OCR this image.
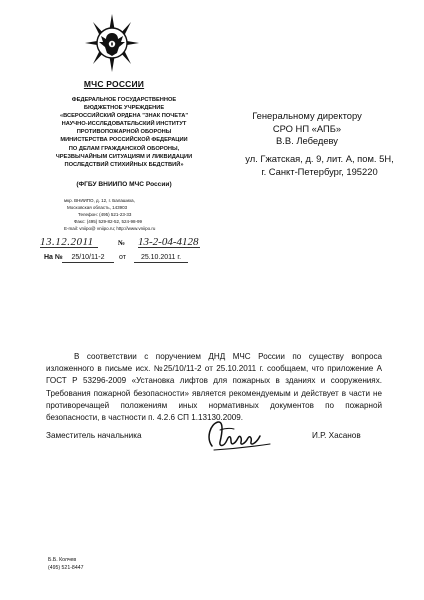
МЧС РОССИИ
ФЕДЕРАЛЬНОЕ ГОСУДАРСТВЕННОЕ
БЮДЖЕТНОЕ УЧРЕЖДЕНИЕ
«ВСЕРОССИЙСКИЙ ОРДЕНА "ЗНАК ПОЧЕТА"
НАУЧНО-ИССЛЕДОВАТЕЛЬСКИЙ ИНСТИТУТ
ПРОТИВОПОЖАРНОЙ ОБОРОНЫ
МИНИСТЕРСТВА РОССИЙСКОЙ ФЕДЕРАЦИИ
ПО ДЕЛАМ ГРАЖДАНСКОЙ ОБОРОНЫ,
ЧРЕЗВЫЧАЙНЫМ СИТУАЦИЯМ И ЛИКВИДАЦИИ
ПОСЛЕДСТВИЙ СТИХИЙНЫХ БЕДСТВИЙ»
(ФГБУ ВНИИПО МЧС России)
мкр. ВНИИПО, д. 12, г. Балашиха,
Московская область, 143903
Телефон: (495) 521-23-33
Факс: (495) 529-82-52, 524-98-99
E-mail: vniipo@ vniipo.ru; http://www.vniipo.ru
13.12.2011	№ 13-2-04-4128
На №	25/10/11-2	от	25.10.2011 г.
Генеральному директору
СРО НП «АПБ»
В.В. Лебедеву
ул. Гжатская, д. 9, лит. А, пом. 5Н,
г. Санкт-Петербург, 195220

В соответствии с поручением ДНД МЧС России по существу вопроса изложенного в письме исх. №25/10/11-2 от 25.10.2011 г. сообщаем, что приложение А ГОСТ Р 53296-2009 «Установка лифтов для пожарных в зданиях и сооружениях. Требования пожарной безопасности» является рекомендуемым и действует в части не противоречащей положениям иных нормативных документов по пожарной безопасности, в частности п. 4.2.6 СП 1.13130.2009.

Заместитель начальника	И.Р. Хасанов
Б.Б. Колчев
(495) 521-8447
